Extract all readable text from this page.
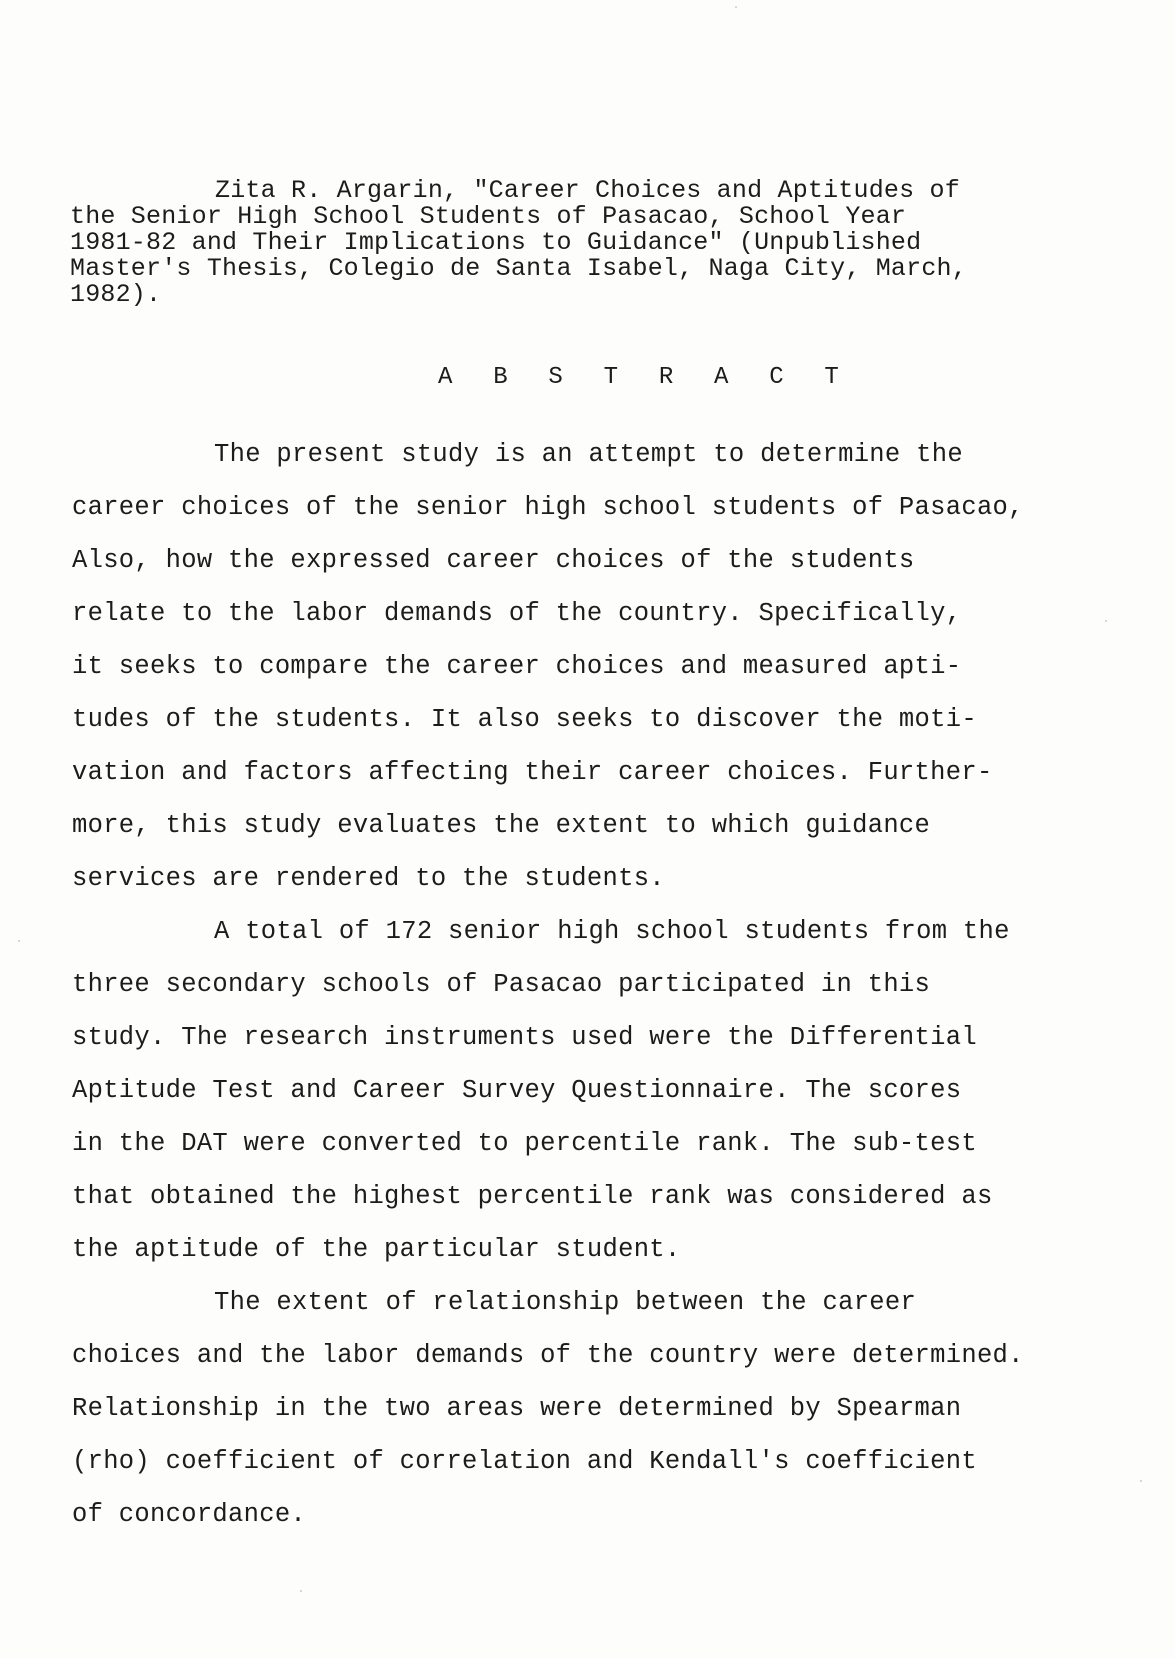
Zita R. Argarin, "Career Choices and Aptitudes of
the Senior High School Students of Pasacao, School Year
1981-82 and Their Implications to Guidance" (Unpublished
Master's Thesis, Colegio de Santa Isabel, Naga City, March,
1982).
A B S T R A C T
The present study is an attempt to determine the
career choices of the senior high school students of Pasacao,
Also, how the expressed career choices of the students
relate to the labor demands of the country. Specifically,
it seeks to compare the career choices and measured apti-
tudes of the students. It also seeks to discover the moti-
vation and factors affecting their career choices. Further-
more, this study evaluates the extent to which guidance
services are rendered to the students.
A total of 172 senior high school students from the
three secondary schools of Pasacao participated in this
study. The research instruments used were the Differential
Aptitude Test and Career Survey Questionnaire. The scores
in the DAT were converted to percentile rank. The sub-test
that obtained the highest percentile rank was considered as
the aptitude of the particular student.
The extent of relationship between the career
choices and the labor demands of the country were determined.
Relationship in the two areas were determined by Spearman
(rho) coefficient of correlation and Kendall's coefficient
of concordance.
